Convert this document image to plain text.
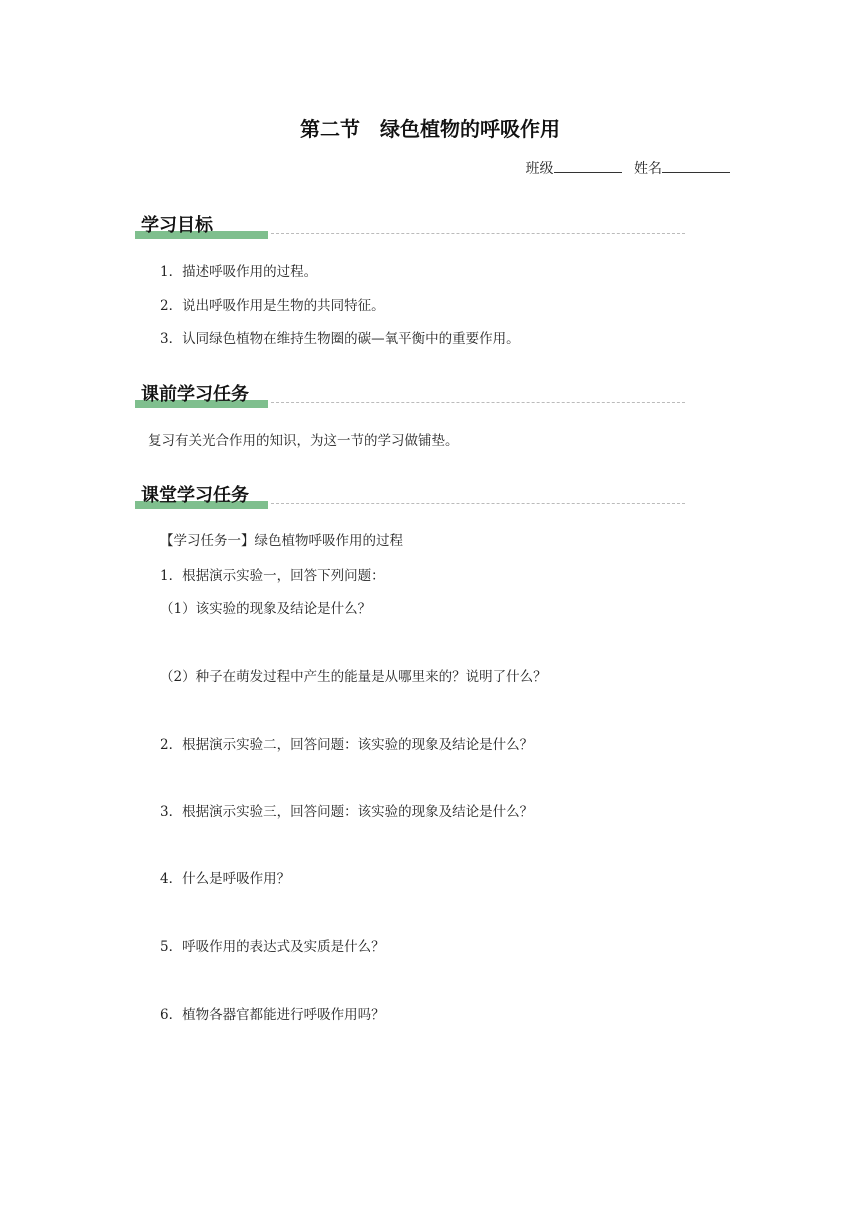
第二节 绿色植物的呼吸作用
班级	姓名
学习目标
1．描述呼吸作用的过程。
2．说出呼吸作用是生物的共同特征。
3．认同绿色植物在维持生物圈的碳—氧平衡中的重要作用。
课前学习任务
复习有关光合作用的知识，为这一节的学习做铺垫。
课堂学习任务
【学习任务一】绿色植物呼吸作用的过程
1．根据演示实验一，回答下列问题：
（1）该实验的现象及结论是什么？
（2）种子在萌发过程中产生的能量是从哪里来的？说明了什么？
2．根据演示实验二，回答问题：该实验的现象及结论是什么？
3．根据演示实验三，回答问题：该实验的现象及结论是什么？
4．什么是呼吸作用？
5．呼吸作用的表达式及实质是什么？
6．植物各器官都能进行呼吸作用吗？
